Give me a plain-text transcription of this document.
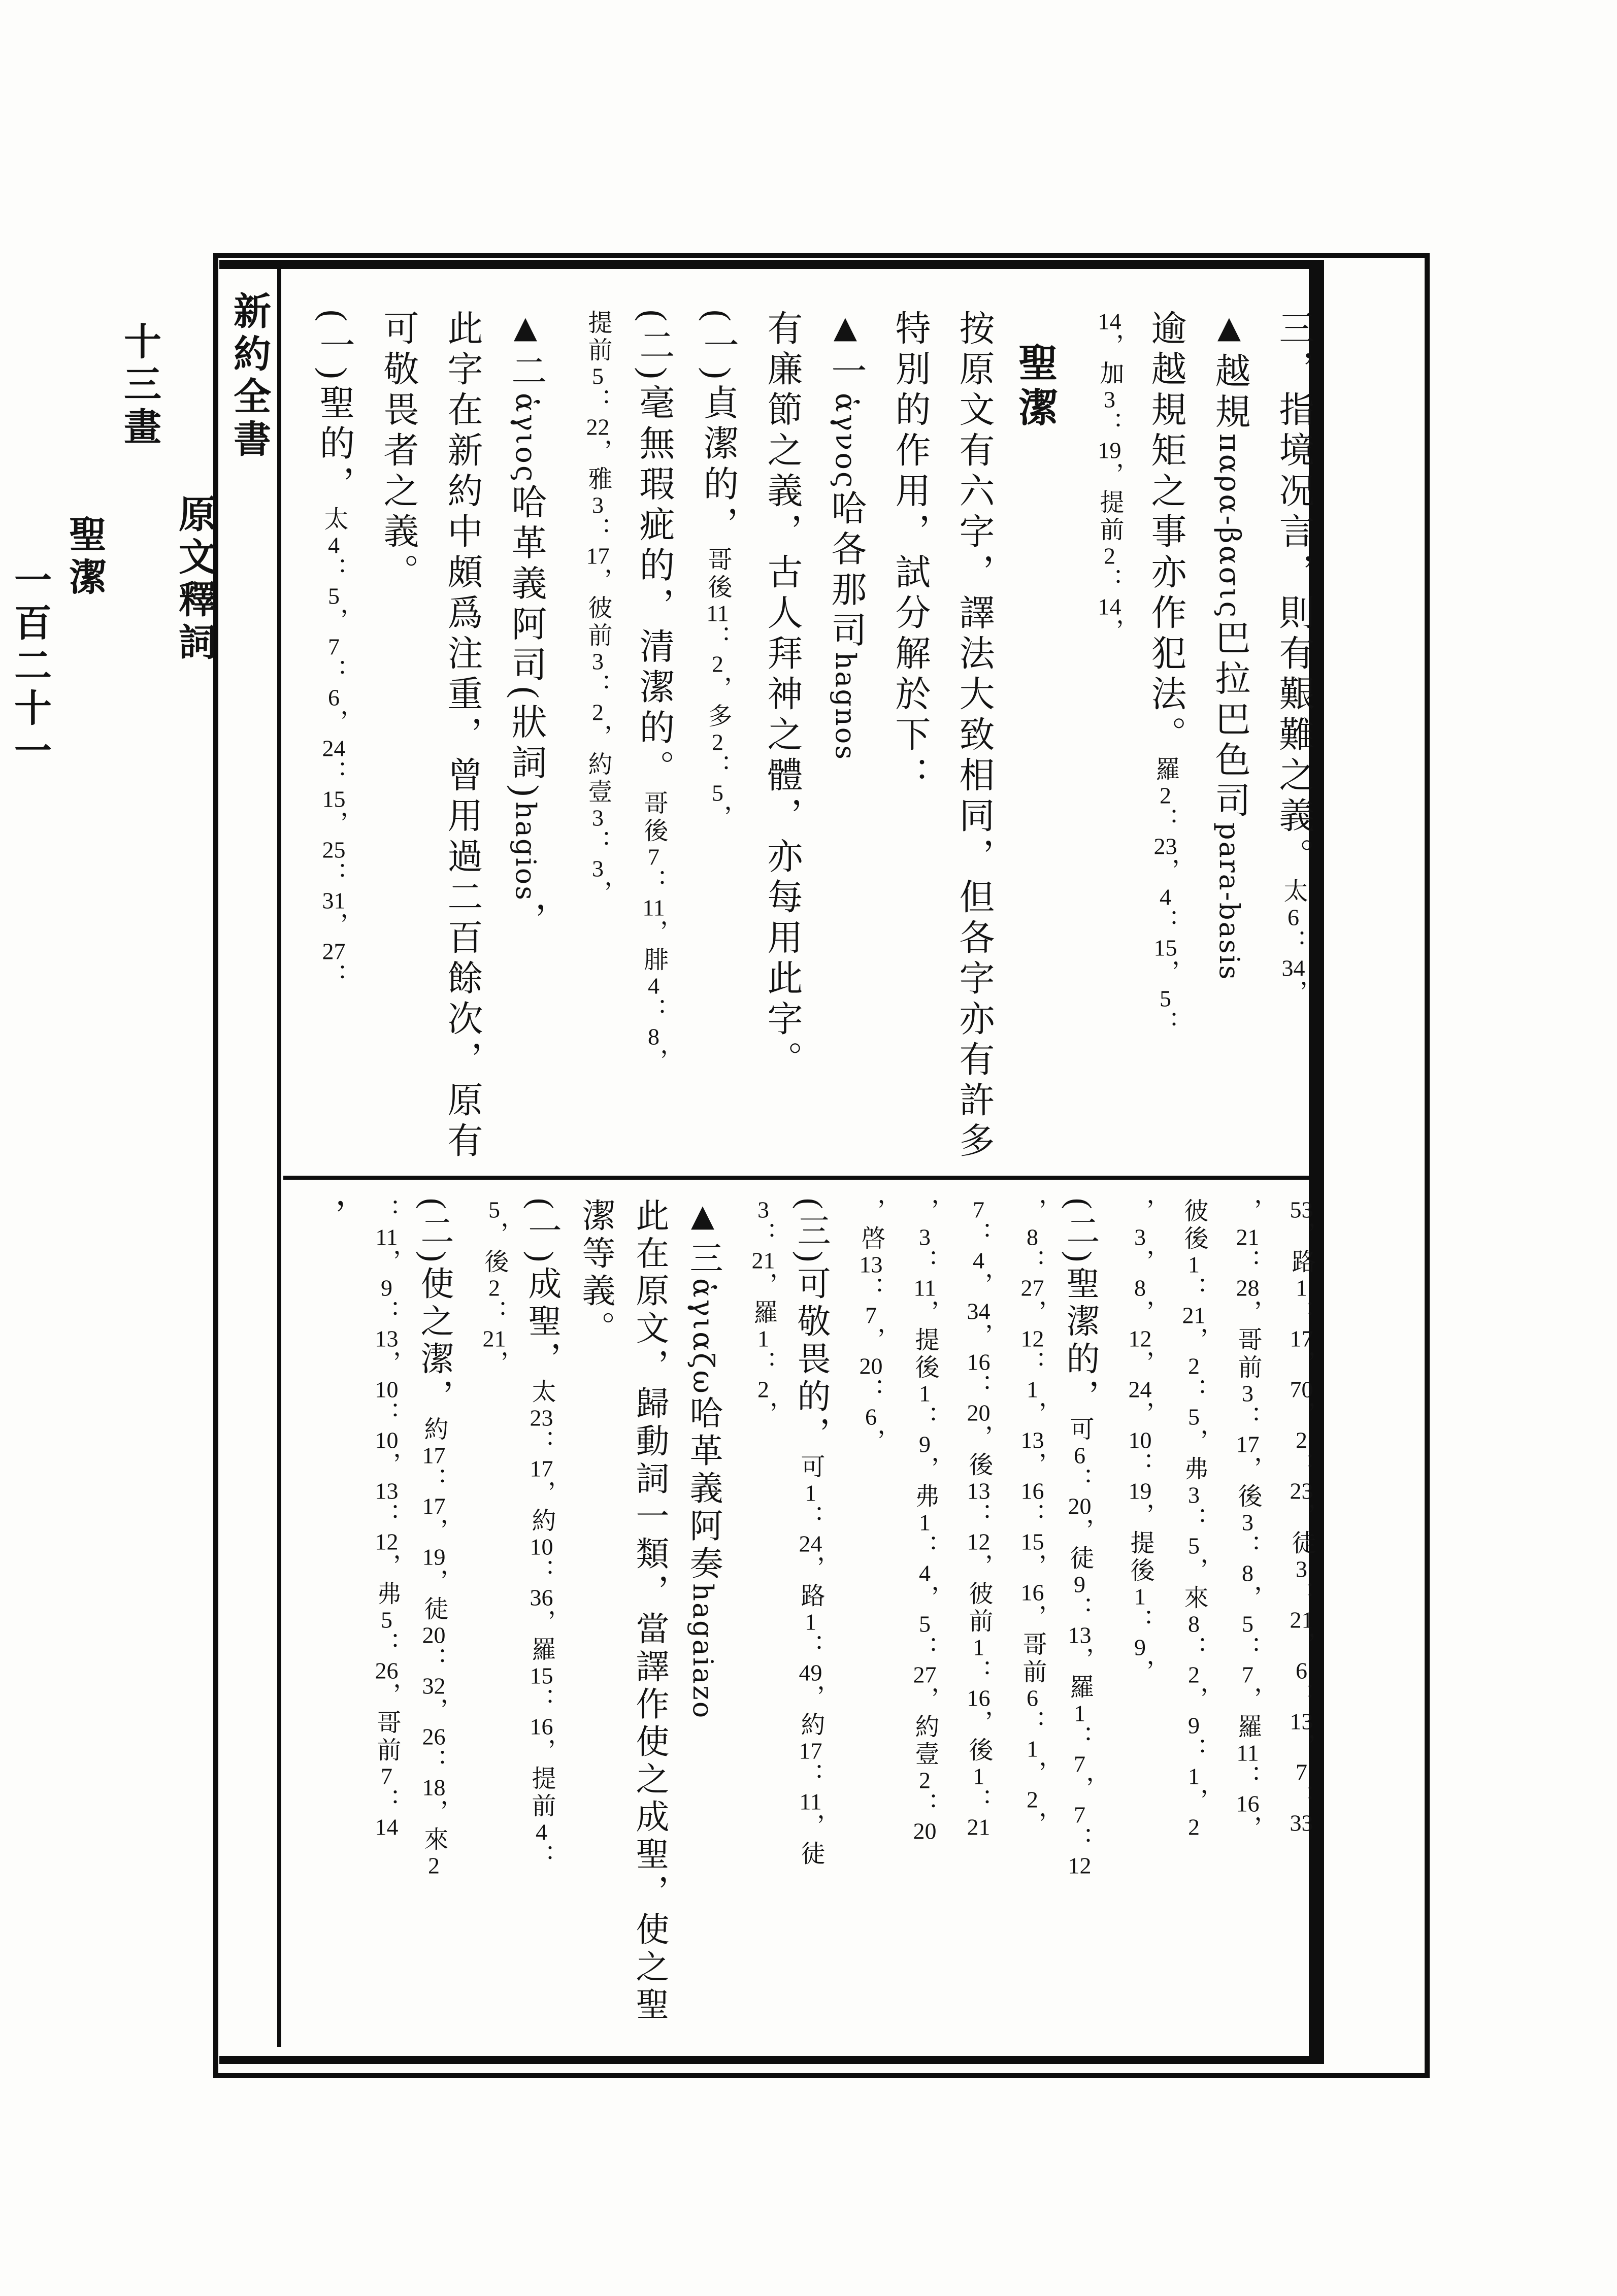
新約全書
原文釋詞
十三畫
聖潔
一百二十一	三，指境况言，則有艱難之義。太6：34，
▲越規παρα-βασις巴拉巴色司para-basis
逾越規矩之事亦作犯法。羅2：23，4：15，5：
14，加3：19，提前2：14，
聖潔
按原文有六字，譯法大致相同，但各字亦有許多
特別的作用，試分解於下：
▲一ἁγνος哈各那司hagnos
有廉節之義，古人拜神之體，亦每用此字。
(一)貞潔的，哥後11：2，多2：5，
(二)毫無瑕疵的，清潔的。哥後7：11，腓4：8，
提前5：22，雅3：17，彼前3：2，約壹3：3，
▲二ἁγιος哈革義阿司(狀詞)hagios，
此字在新約中頗爲注重，曾用過二百餘次，原有
可敬畏者之義。
(一)聖的，太4：5，7：6，24：15，25：31，27：
53，路1：17，70，2：23，徒3：21，6：13，7：33
，21：28，哥前3：17，後3：8，5：7，羅11：16，
彼後1：21，2：5，弗3：5，來8：2，9：1，2
，3，8，12，24，10：19，提後1：9，
(二)聖潔的，可6：20，徒9：13，羅1：7，7：12
，8：27，12：1，13，16：15，16，哥前6：1，2，
7：4，34，16：20，後13：12，彼前1：16，後1：21
，3：11，提後1：9，弗1：4，5：27，約壹2：20
，啓13：7，20：6，
(三)可敬畏的，可1：24，路1：49，約17：11，徒
3：21，羅1：2，
▲三ἁγιαζω哈革義阿奏hagaiazo
此在原文，歸動詞一類，當譯作使之成聖，使之聖
潔等義。
(一)成聖，太23：17，約10：36，羅15：16，提前4：
5，後2：21，
(二)使之潔，約17：17，19，徒20：32，26：18，來2
：11，9：13，10：10，13：12，弗5：26，哥前7：14
，
